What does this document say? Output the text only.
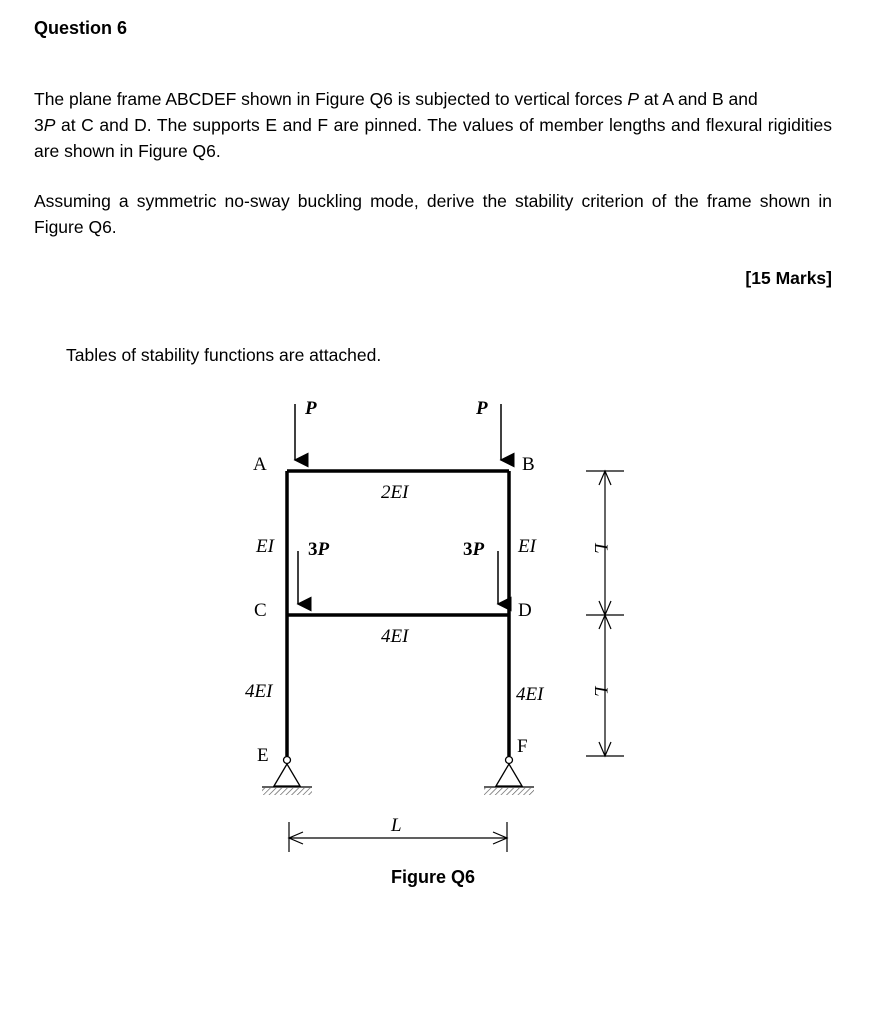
Question 6

The plane frame ABCDEF shown in Figure Q6 is subjected to vertical forces P at A and B and
3P at C and D. The supports E and F are pinned. The values of member lengths and flexural rigidities are shown in Figure Q6.

Assuming a symmetric no-sway buckling mode, derive the stability criterion of the frame shown in Figure Q6.

[15 Marks]

Tables of stability functions are attached.

P	P
3P	3P
A	B
C	D
E	F
2EI
4EI
EI	EI
4EI	4EI
L
L
L
Figure Q6
